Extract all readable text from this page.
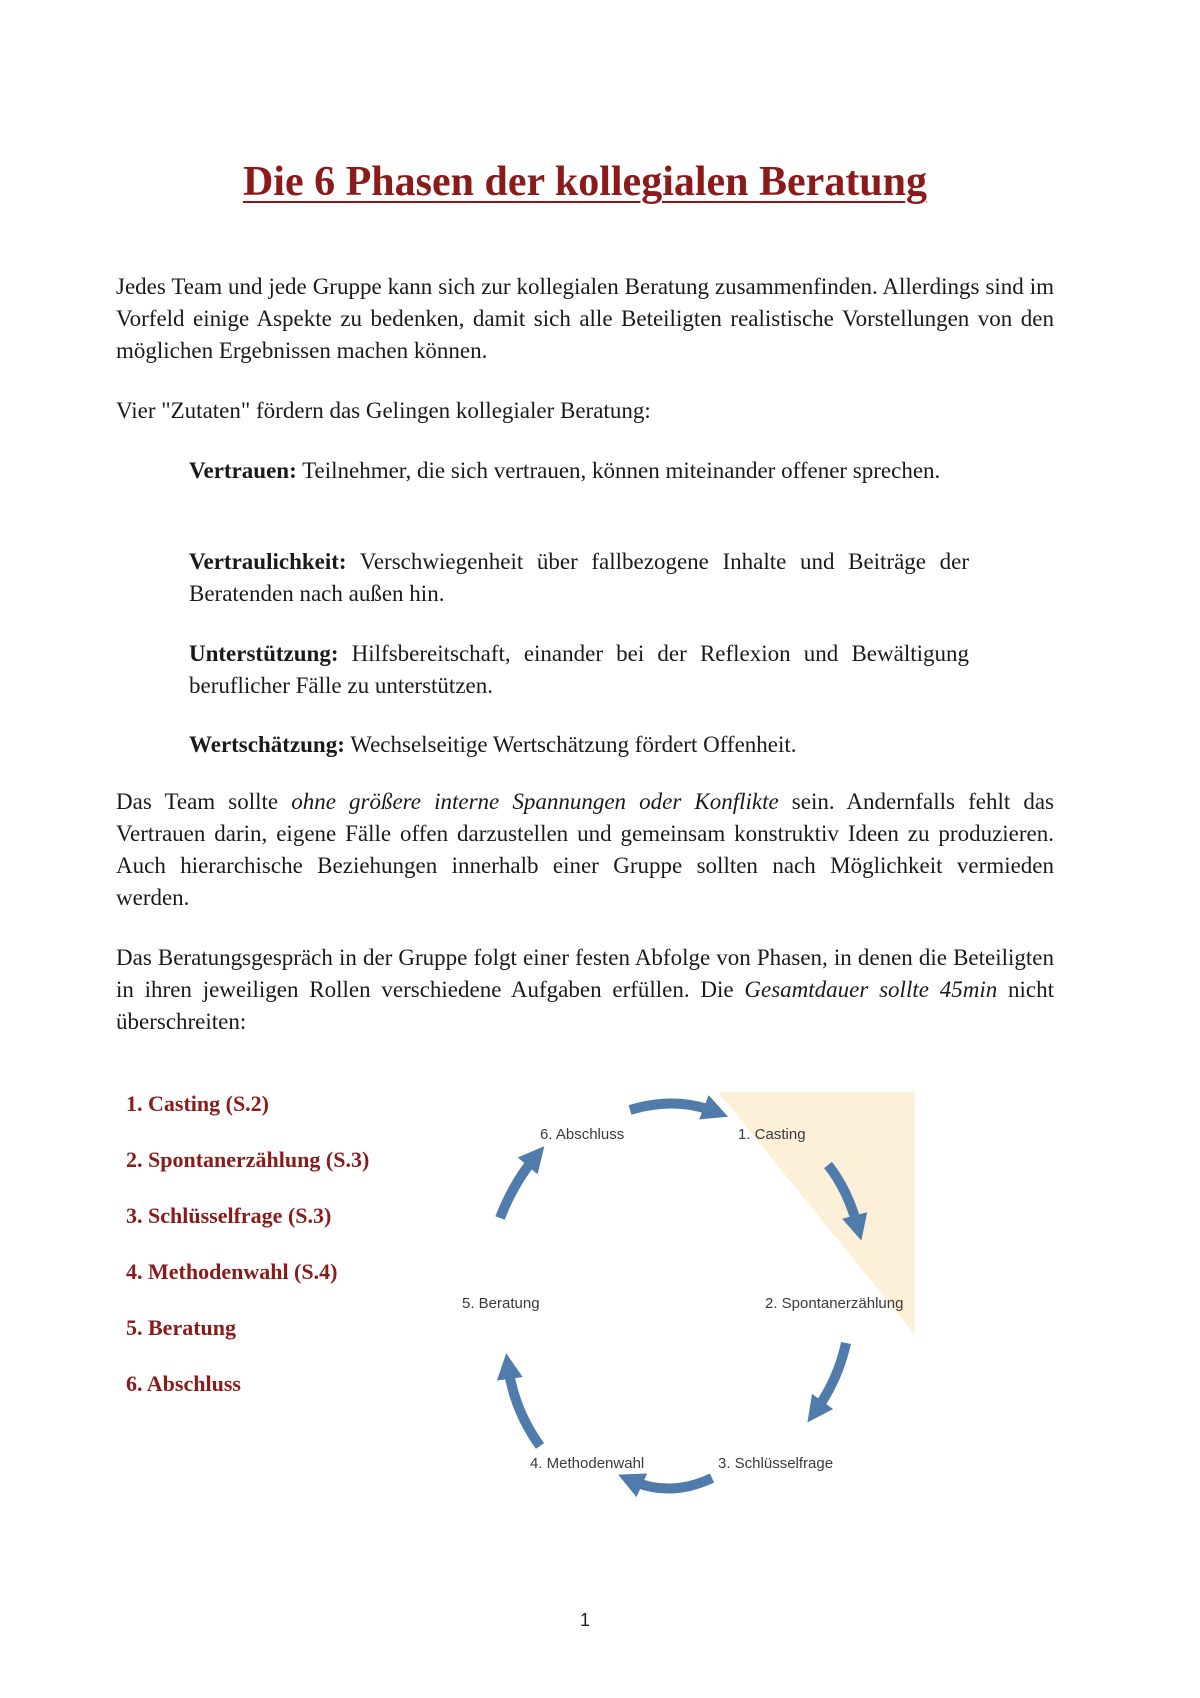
Die 6 Phasen der kollegialen Beratung

Jedes Team und jede Gruppe kann sich zur kollegialen Beratung zusammenfinden. Allerdings sind im Vorfeld einige Aspekte zu bedenken, damit sich alle Beteiligten realistische Vorstellungen von den möglichen Ergebnissen machen können.

Vier "Zutaten" fördern das Gelingen kollegialer Beratung:

Vertrauen: Teilnehmer, die sich vertrauen, können miteinander offener sprechen.

Vertraulichkeit: Verschwiegenheit über fallbezogene Inhalte und Beiträge der Beratenden nach außen hin.

Unterstützung: Hilfsbereitschaft, einander bei der Reflexion und Bewältigung beruflicher Fälle zu unterstützen.

Wertschätzung: Wechselseitige Wertschätzung fördert Offenheit.

Das Team sollte ohne größere interne Spannungen oder Konflikte sein. Andernfalls fehlt das Vertrauen darin, eigene Fälle offen darzustellen und gemeinsam konstruktiv Ideen zu produzieren. Auch hierarchische Beziehungen innerhalb einer Gruppe sollten nach Möglichkeit vermieden werden.

Das Beratungsgespräch in der Gruppe folgt einer festen Abfolge von Phasen, in denen die Beteiligten in ihren jeweiligen Rollen verschiedene Aufgaben erfüllen. Die Gesamtdauer sollte 45min nicht überschreiten:

1. Casting (S.2)
2. Spontanerzählung (S.3)
3. Schlüsselfrage (S.3)
4. Methodenwahl (S.4)
5. Beratung
6. Abschluss
6. Abschluss	1. Casting
2. Spontanerzählung
5. Beratung
4. Methodenwahl	3. Schlüsselfrage
1
